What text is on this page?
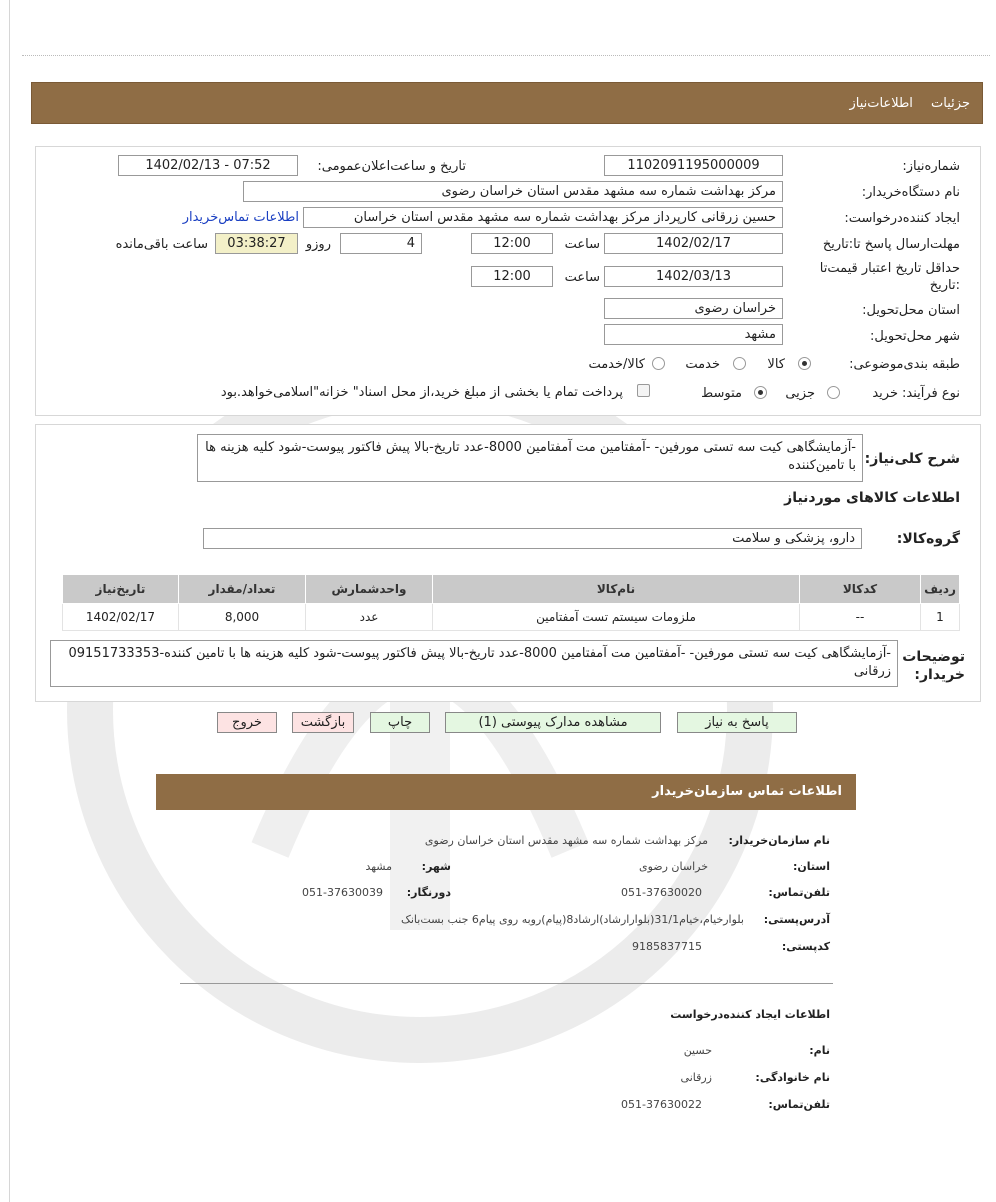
جزئیات اطلاعات‌نیاز
شماره‌نیاز:
1102091195000009
تاریخ و ساعت‌اعلان‌عمومی:
1402/02/13 - 07:52
نام دستگاه‌خریدار:
مرکز بهداشت شماره سه مشهد مقدس استان خراسان رضوی
ایجاد کننده‌درخواست:
حسین زرقانی کارپرداز مرکز بهداشت شماره سه مشهد مقدس استان خراسان
اطلاعات تماس‌خریدار
مهلت‌ارسال پاسخ تا:تاریخ
1402/02/17
ساعت
12:00
4
روزو
03:38:27
ساعت باقی‌مانده
حداقل تاریخ اعتبار قیمت‌تا
:تاریخ
1402/03/13
ساعت
12:00
استان محل‌تحویل:
خراسان رضوی
شهر محل‌تحویل:
مشهد
طبقه بندی‌موضوعی:
کالا
خدمت
کالا/خدمت
نوع فرآیند:
خرید
جزیی
متوسط
پرداخت تمام یا بخشی از مبلغ خرید،از محل اسناد" خزانه"اسلامی‌خواهد.بود
شرح کلی‌نیاز:
-آزمایشگاهی کیت سه تستی مورفین- -آمفتامین مت آمفتامین 8000-عدد تاریخ-بالا پیش فاکتور پیوست-شود کلیه هزینه ها با تامین‌کننده
اطلاعات کالاهای موردنیاز
گروه‌کالا:
دارو، پزشکی و سلامت
ردیف	کدکالا	نام‌کالا	واحدشمارش	تعداد/مقدار	تاریخ‌نیاز
1	--	ملزومات سیستم تست آمفتامین	عدد	8,000	1402/02/17
توضیحات خریدار:
-آزمایشگاهی کیت سه تستی مورفین- -آمفتامین مت آمفتامین 8000-عدد تاریخ-بالا پیش فاکتور پیوست-شود کلیه هزینه ها با تامین کننده-09151733353 زرقانی
پاسخ به نیاز
مشاهده مدارک پیوستی (1)
چاپ
بازگشت
خروج
اطلاعات تماس سازمان‌خریدار
نام سازمان‌خریدار:
مرکز بهداشت شماره سه مشهد مقدس استان خراسان رضوی
استان:
خراسان رضوی
شهر:
مشهد
تلفن‌تماس:
051-37630020
دورنگار:
051-37630039
آدرس‌پستی:
بلوارخیام،خیام31/1(بلوارارشاد)ارشاد8(پیام)روبه روی پیام6 جنب بست‌بانک
کدپستی:
9185837715
اطلاعات ایجاد کننده‌درخواست
نام:
حسین
نام خانوادگی:
زرقانی
تلفن‌تماس:
051-37630022
